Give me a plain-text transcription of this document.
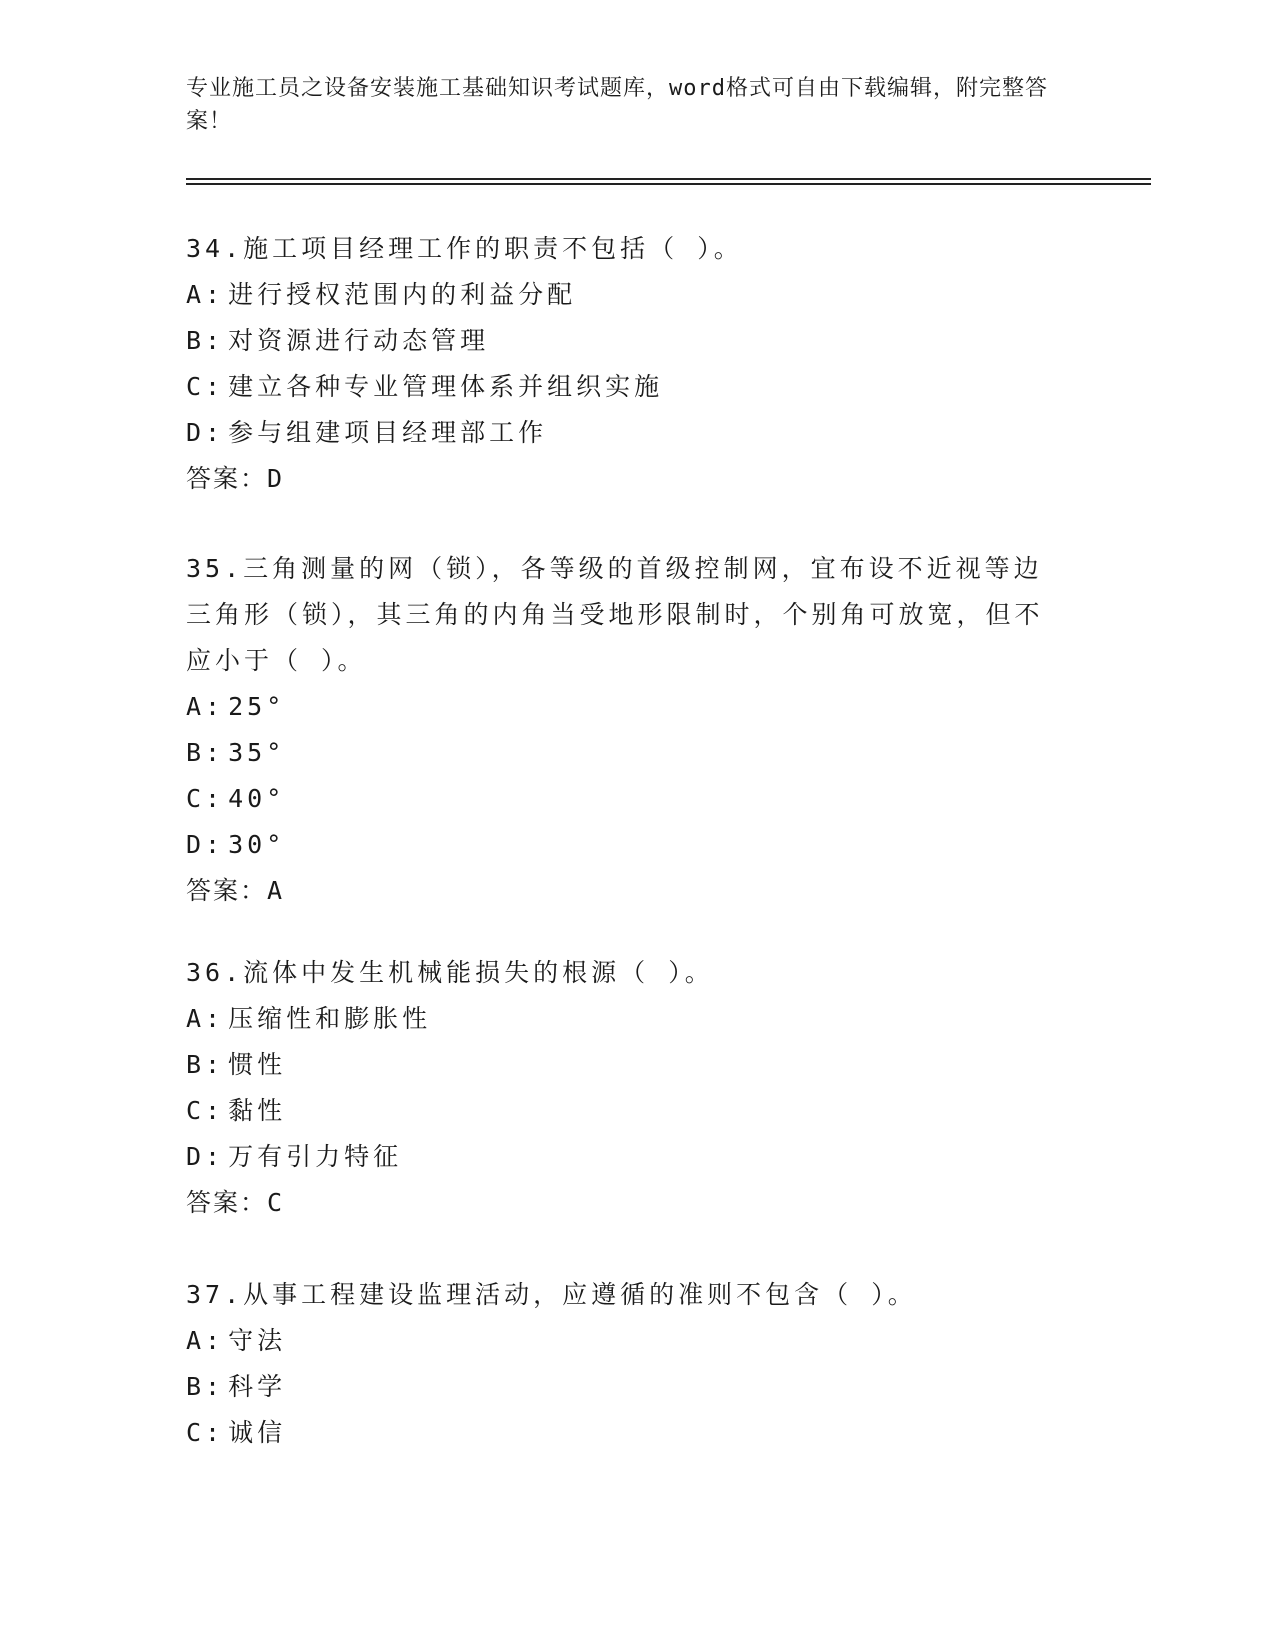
专业施工员之设备安装施工基础知识考试题库，word格式可自由下载编辑，附完整答案！
34.施工项目经理工作的职责不包括（ ）。
A: 进行授权范围内的利益分配
B: 对资源进行动态管理
C: 建立各种专业管理体系并组织实施
D: 参与组建项目经理部工作
答案：D
35.三角测量的网（锁），各等级的首级控制网，宜布设不近视等边三角形（锁），其三角的内角当受地形限制时，个别角可放宽，但不应小于（ ）。
A: 25°
B: 35°
C: 40°
D: 30°
答案：A
36.流体中发生机械能损失的根源（ ）。
A: 压缩性和膨胀性
B: 惯性
C: 黏性
D: 万有引力特征
答案：C
37.从事工程建设监理活动，应遵循的准则不包含（ ）。
A: 守法
B: 科学
C: 诚信
